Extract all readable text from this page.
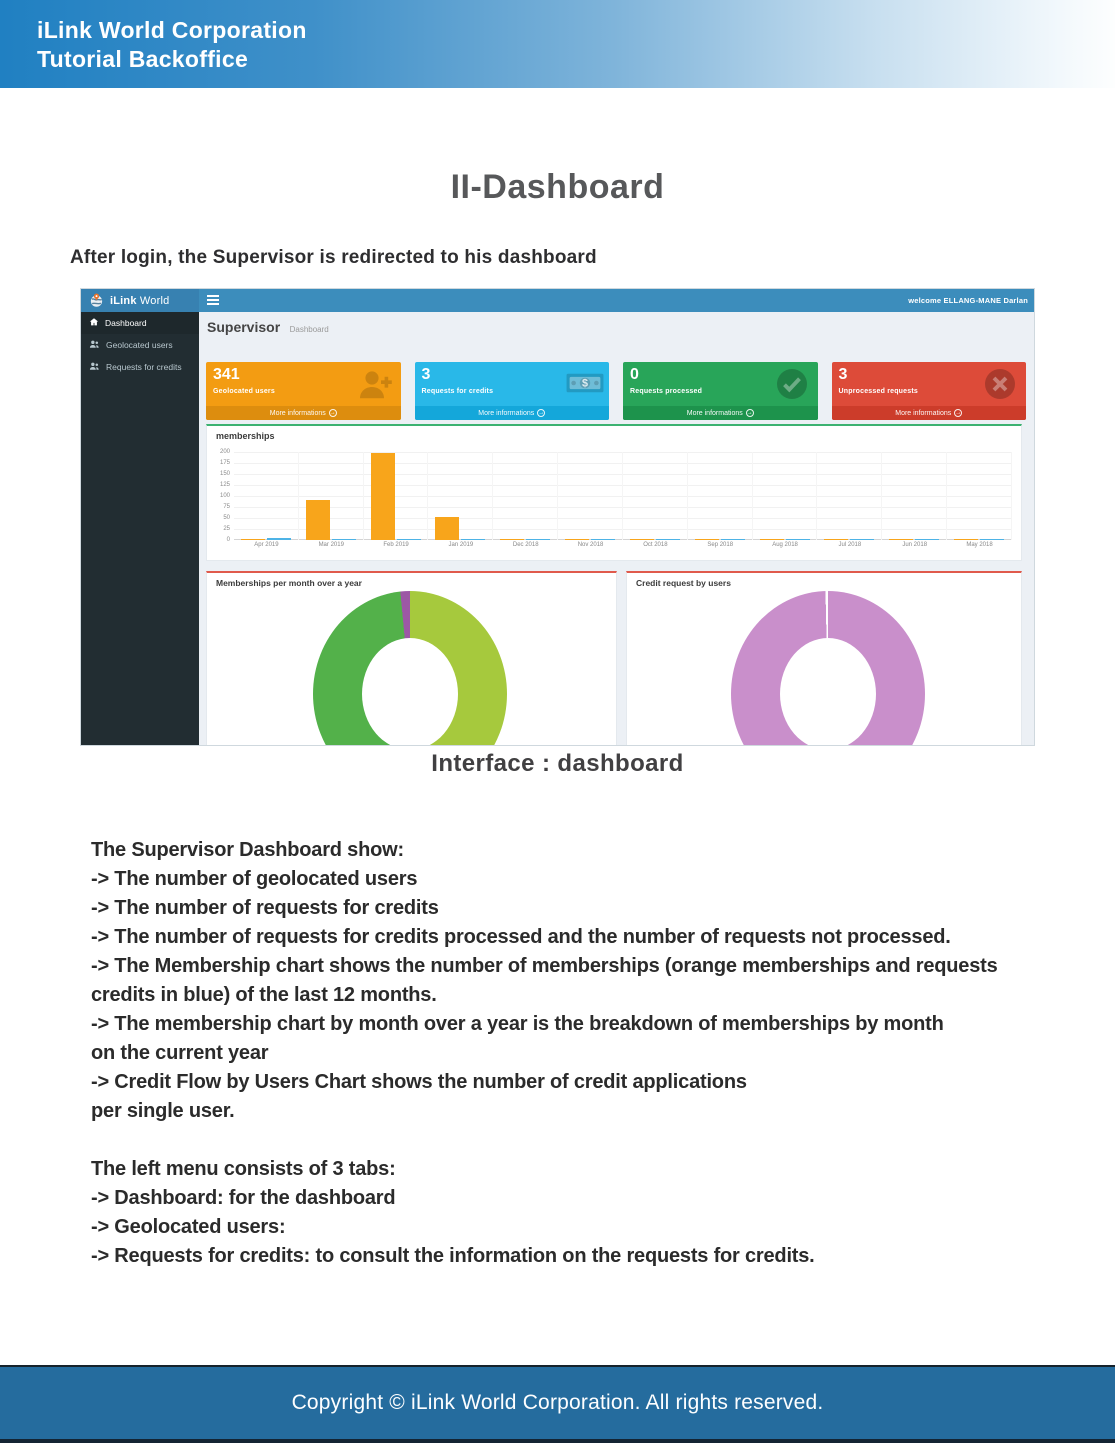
iLink World Corporation
Tutorial Backoffice
II-Dashboard
After login, the Supervisor is redirected to his dashboard
iLink World	welcome ELLANG-MANE Darlan
Dashboard
Geolocated users
Requests for credits
Supervisor Dashboard
341
Geolocated users
More informations →
3
Requests for credits
$
More informations →
0
Requests processed
More informations →
3
Unprocessed requests
More informations →
memberships
200
175
150
125
100
75
50
25
0
Apr 2019	Mar 2019	Feb 2019	Jan 2019	Dec 2018	Nov 2018	Oct 2018	Sep 2018	Aug 2018	Jul 2018	Jun 2018	May 2018
Memberships per month over a year	Credit request by users
Interface : dashboard
The Supervisor Dashboard show:
-> The number of geolocated users
-> The number of requests for credits
-> The number of requests for credits processed and the number of requests not processed.
-> The Membership chart shows the number of memberships (orange memberships and requests
credits in blue) of the last 12 months.
-> The membership chart by month over a year is the breakdown of memberships by month
on the current year
-> Credit Flow by Users Chart shows the number of credit applications
per single user.
The left menu consists of 3 tabs:
-> Dashboard: for the dashboard
-> Geolocated users:
-> Requests for credits: to consult the information on the requests for credits.
Copyright © iLink World Corporation. All rights reserved.
